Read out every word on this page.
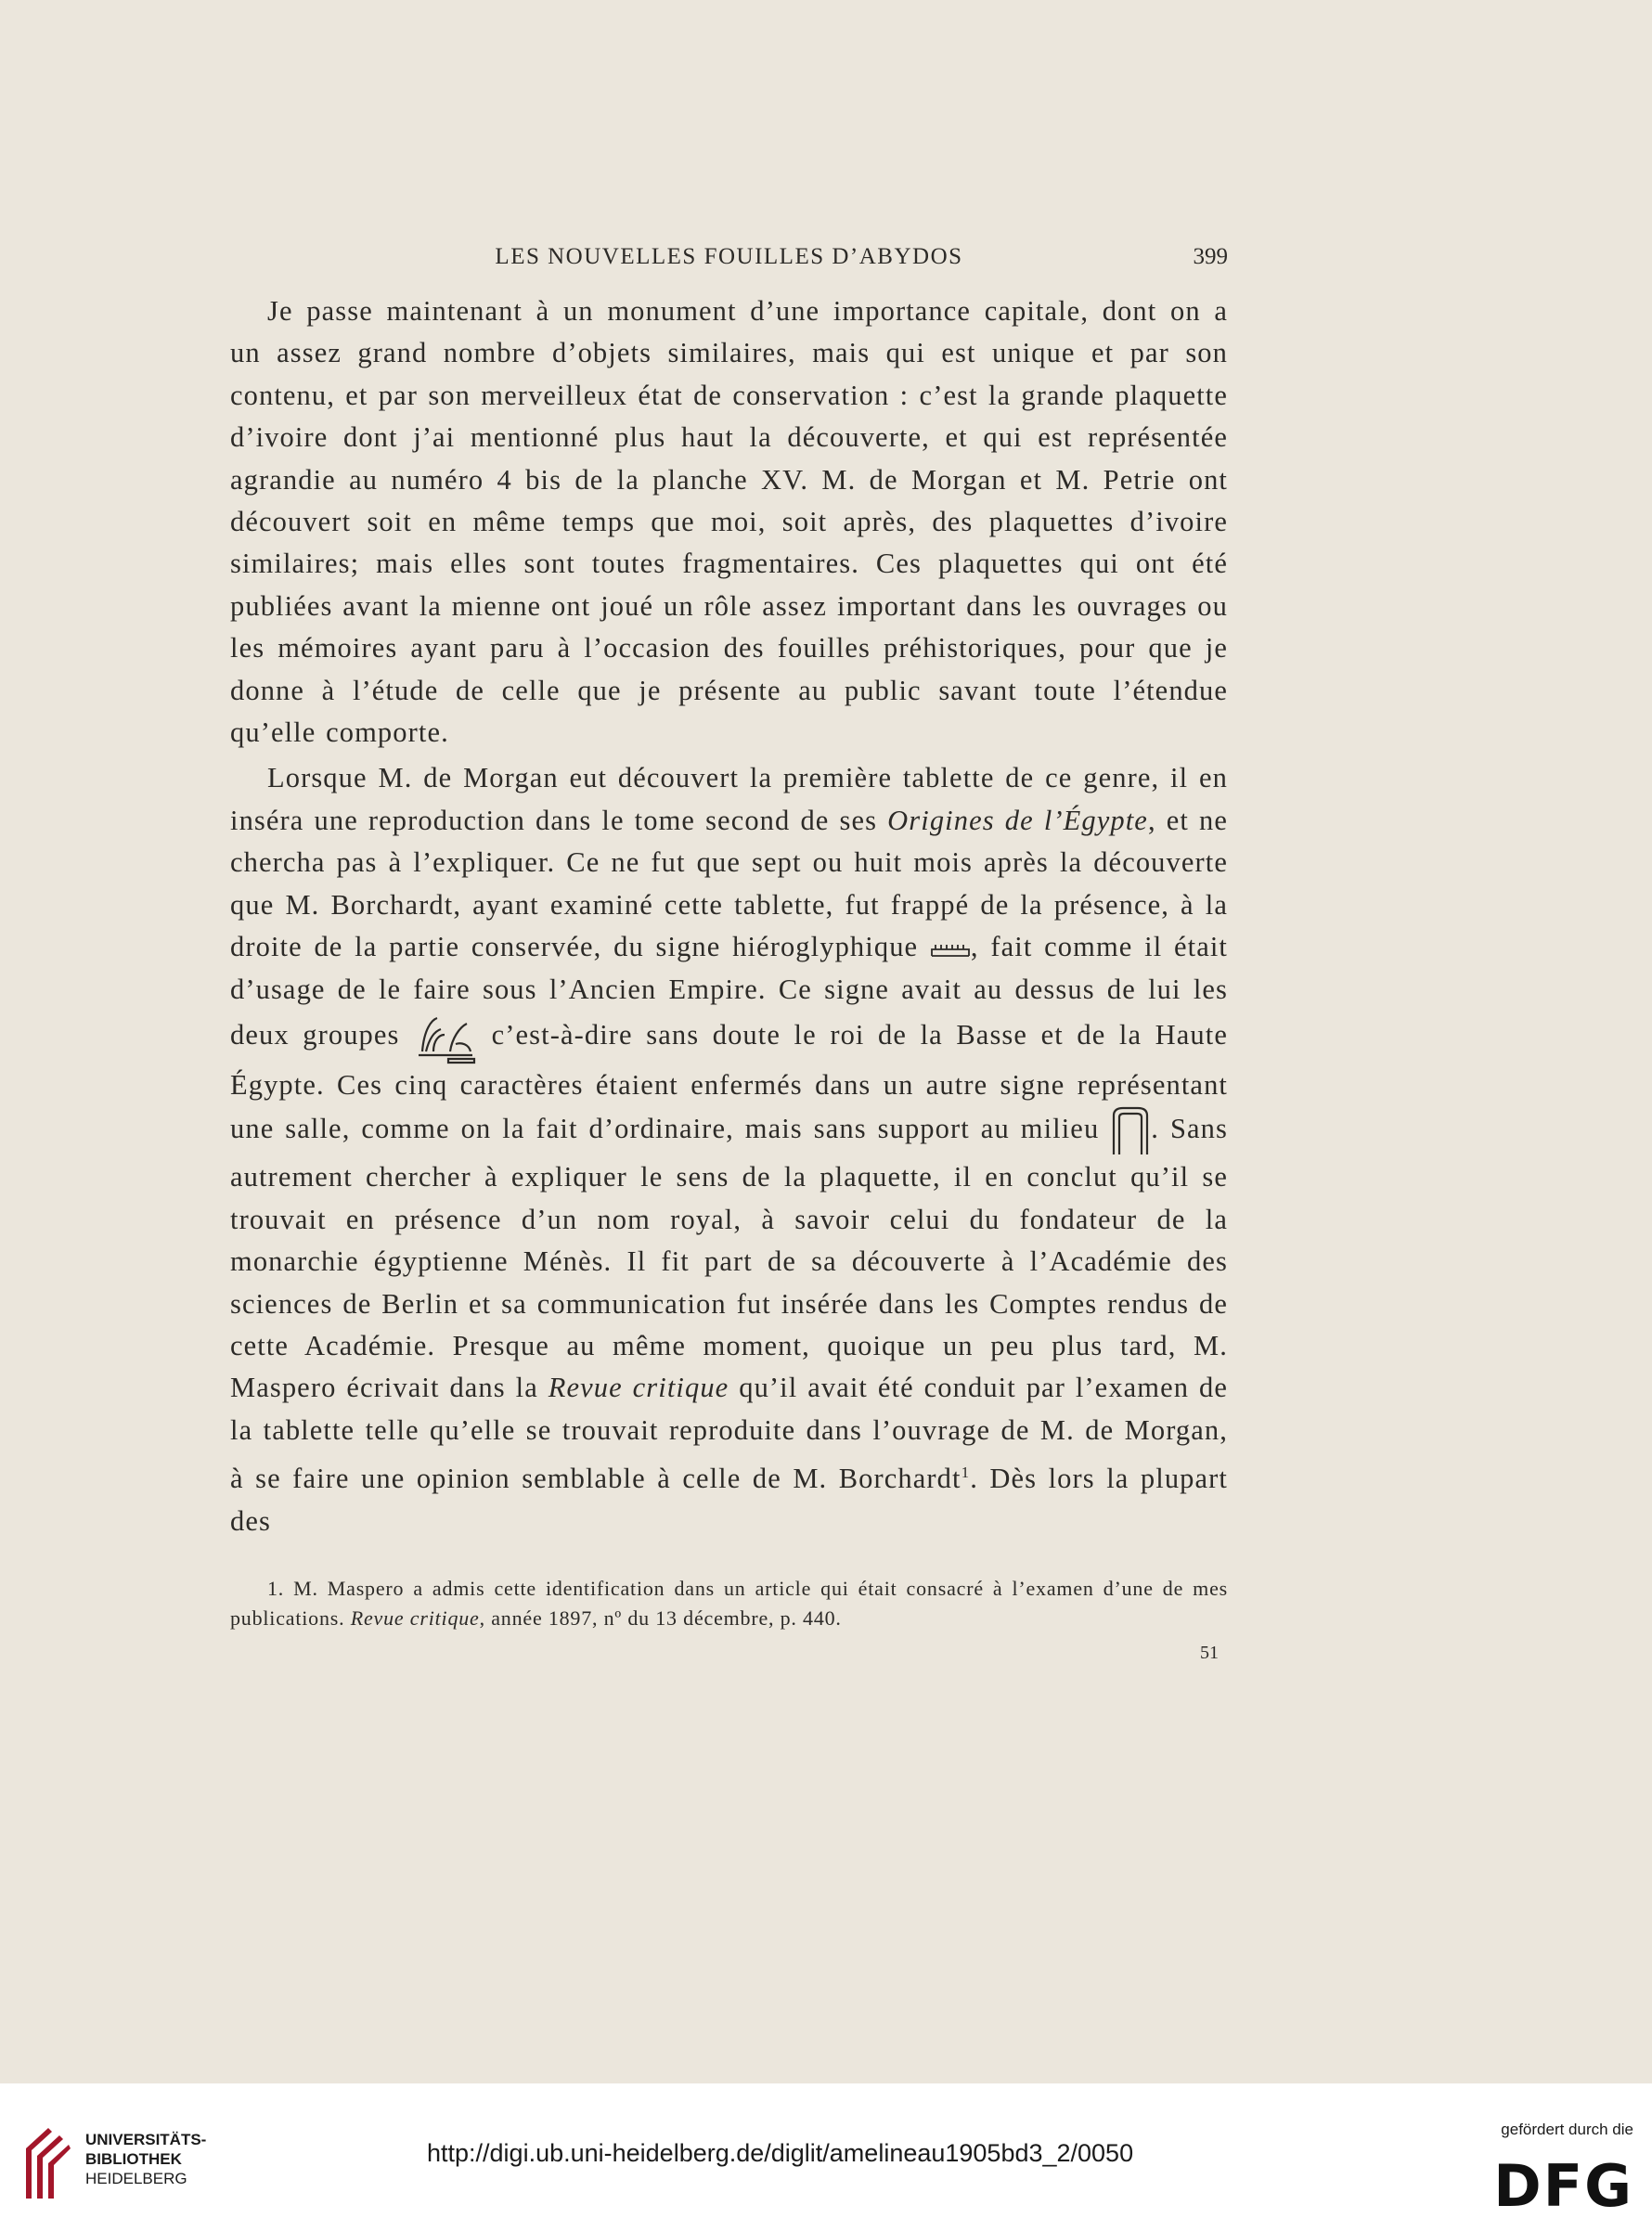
LES NOUVELLES FOUILLES D’ABYDOS	399

Je passe maintenant à un monument d’une importance capitale, dont on a un assez grand nombre d’objets similaires, mais qui est unique et par son contenu, et par son merveilleux état de conservation : c’est la grande plaquette d’ivoire dont j’ai mentionné plus haut la découverte, et qui est représentée agrandie au numéro 4 bis de la planche XV. M. de Morgan et M. Petrie ont découvert soit en même temps que moi, soit après, des plaquettes d’ivoire similaires; mais elles sont toutes fragmentaires. Ces plaquettes qui ont été publiées avant la mienne ont joué un rôle assez important dans les ouvrages ou les mémoires ayant paru à l’occasion des fouilles préhistoriques, pour que je donne à l’étude de celle que je présente au public savant toute l’étendue qu’elle comporte.

Lorsque M. de Morgan eut découvert la première tablette de ce genre, il en inséra une reproduction dans le tome second de ses Origines de l’Égypte, et ne chercha pas à l’expliquer. Ce ne fut que sept ou huit mois après la découverte que M. Borchardt, ayant examiné cette tablette, fut frappé de la présence, à la droite de la partie conservée, du signe hiéroglyphique , fait comme il était d’usage de le faire sous l’Ancien Empire. Ce signe avait au dessus de lui les deux groupes  c’est-à-dire sans doute le roi de la Basse et de la Haute Égypte. Ces cinq caractères étaient enfermés dans un autre signe représentant une salle, comme on la fait d’ordinaire, mais sans support au milieu . Sans autrement chercher à expliquer le sens de la plaquette, il en conclut qu’il se trouvait en présence d’un nom royal, à savoir celui du fondateur de la monarchie égyptienne Ménès. Il fit part de sa découverte à l’Académie des sciences de Berlin et sa communication fut insérée dans les Comptes rendus de cette Académie. Presque au même moment, quoique un peu plus tard, M. Maspero écrivait dans la Revue critique qu’il avait été conduit par l’examen de la tablette telle qu’elle se trouvait reproduite dans l’ouvrage de M. de Morgan, à se faire une opinion semblable à celle de M. Borchardt$^1$. Dès lors la plupart des

1. M. Maspero a admis cette identification dans un article qui était consacré à l’examen d’une de mes publications. Revue critique, année 1897, nº du 13 décembre, p. 440.
51
UNIVERSITÄTS-
BIBLIOTHEK
HEIDELBERG
http://digi.ub.uni-heidelberg.de/diglit/amelineau1905bd3_2/0050
gefördert durch die
DFG
